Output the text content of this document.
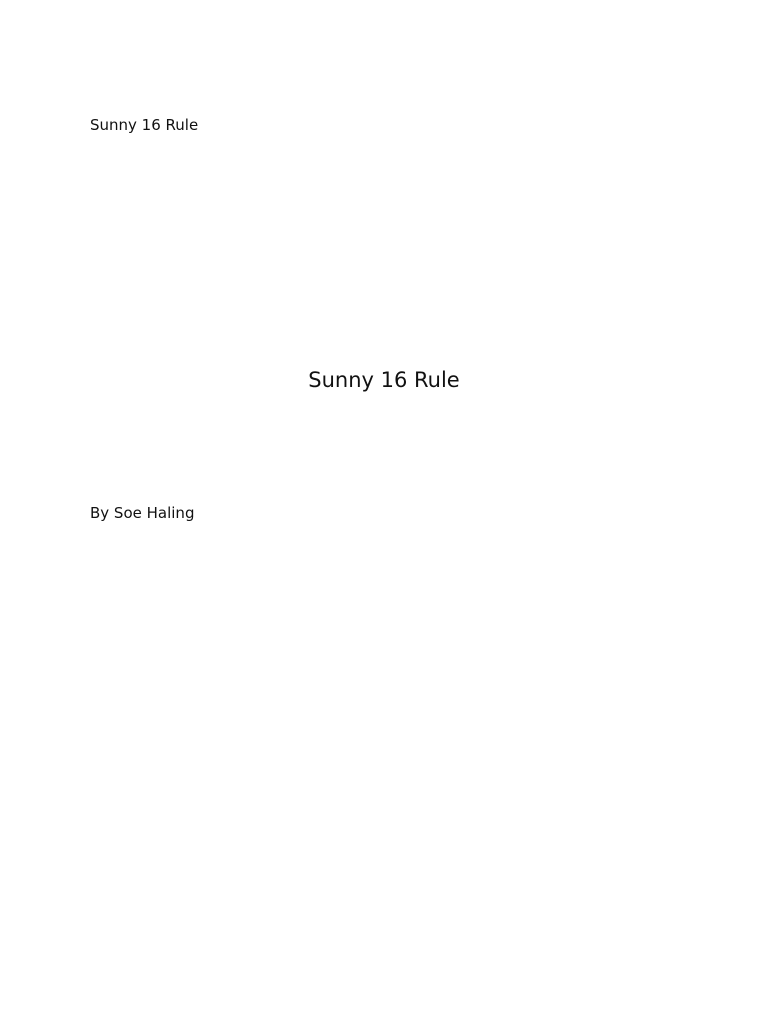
Sunny 16 Rule
Sunny 16 Rule
By Soe Haling
